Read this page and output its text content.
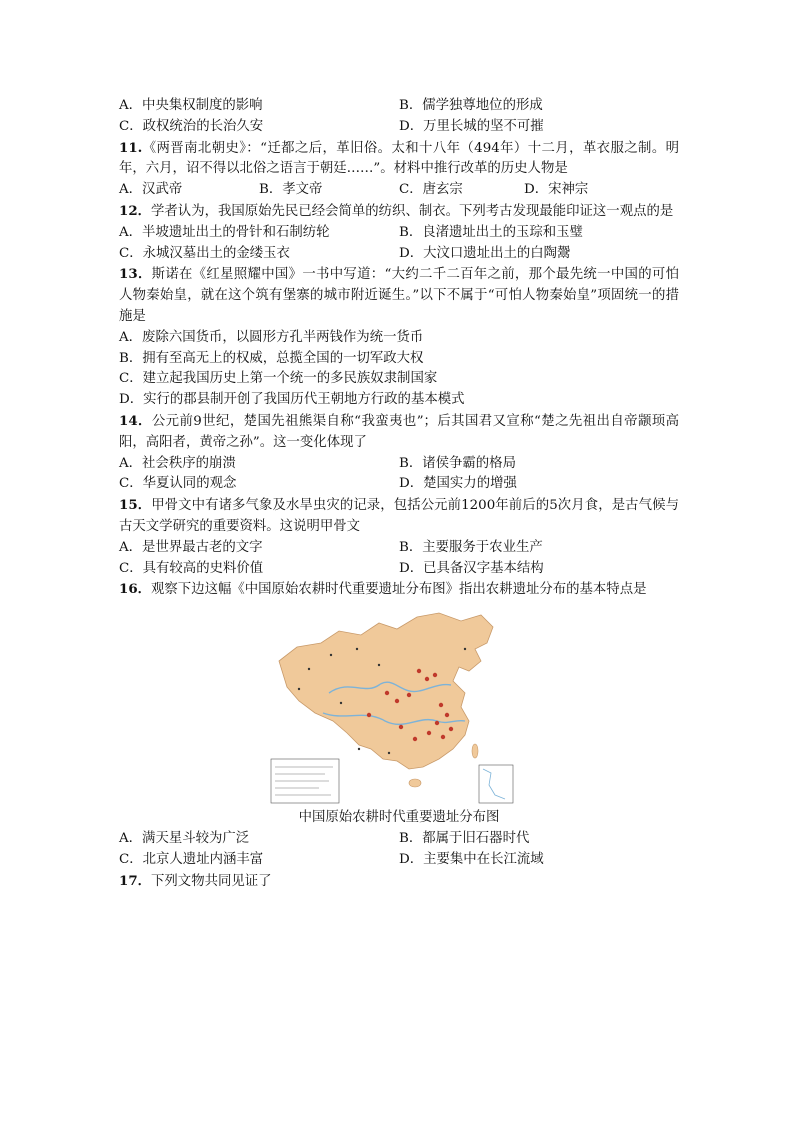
A．中央集权制度的影响	B．儒学独尊地位的形成
C．政权统治的长治久安	D．万里长城的坚不可摧
11.《两晋南北朝史》：“迁都之后，革旧俗。太和十八年（494年）十二月，革衣服之制。明年，六月，诏不得以北俗之语言于朝廷……”。材料中推行改革的历史人物是
A．汉武帝	B．孝文帝	C．唐玄宗	D．宋神宗
12．学者认为，我国原始先民已经会简单的纺织、制衣。下列考古发现最能印证这一观点的是
A．半坡遗址出土的骨针和石制纺轮	B．良渚遗址出土的玉琮和玉璧
C．永城汉墓出土的金缕玉衣	D．大汶口遗址出土的白陶鬶
13．斯诺在《红星照耀中国》一书中写道：“大约二千二百年之前，那个最先统一中国的可怕人物秦始皇，就在这个筑有堡寨的城市附近诞生。”以下不属于“可怕人物秦始皇”项固统一的措施是
A．废除六国货币，以圆形方孔半两钱作为统一货币
B．拥有至高无上的权威，总揽全国的一切军政大权
C．建立起我国历史上第一个统一的多民族奴隶制国家
D．实行的郡县制开创了我国历代王朝地方行政的基本模式
14．公元前9世纪，楚国先祖熊渠自称“我蛮夷也”；后其国君又宣称“楚之先祖出自帝颛顼高阳，高阳者，黄帝之孙”。这一变化体现了
A．社会秩序的崩溃	B．诸侯争霸的格局
C．华夏认同的观念	D．楚国实力的增强
15．甲骨文中有诸多气象及水旱虫灾的记录，包括公元前1200年前后的5次月食，是古气候与古天文学研究的重要资料。这说明甲骨文
A．是世界最古老的文字	B．主要服务于农业生产
C．具有较高的史料价值	D．已具备汉字基本结构
16．观察下边这幅《中国原始农耕时代重要遗址分布图》指出农耕遗址分布的基本特点是
中国原始农耕时代重要遗址分布图
A．满天星斗较为广泛	B．都属于旧石器时代
C．北京人遗址内涵丰富	D．主要集中在长江流域
17．下列文物共同见证了
